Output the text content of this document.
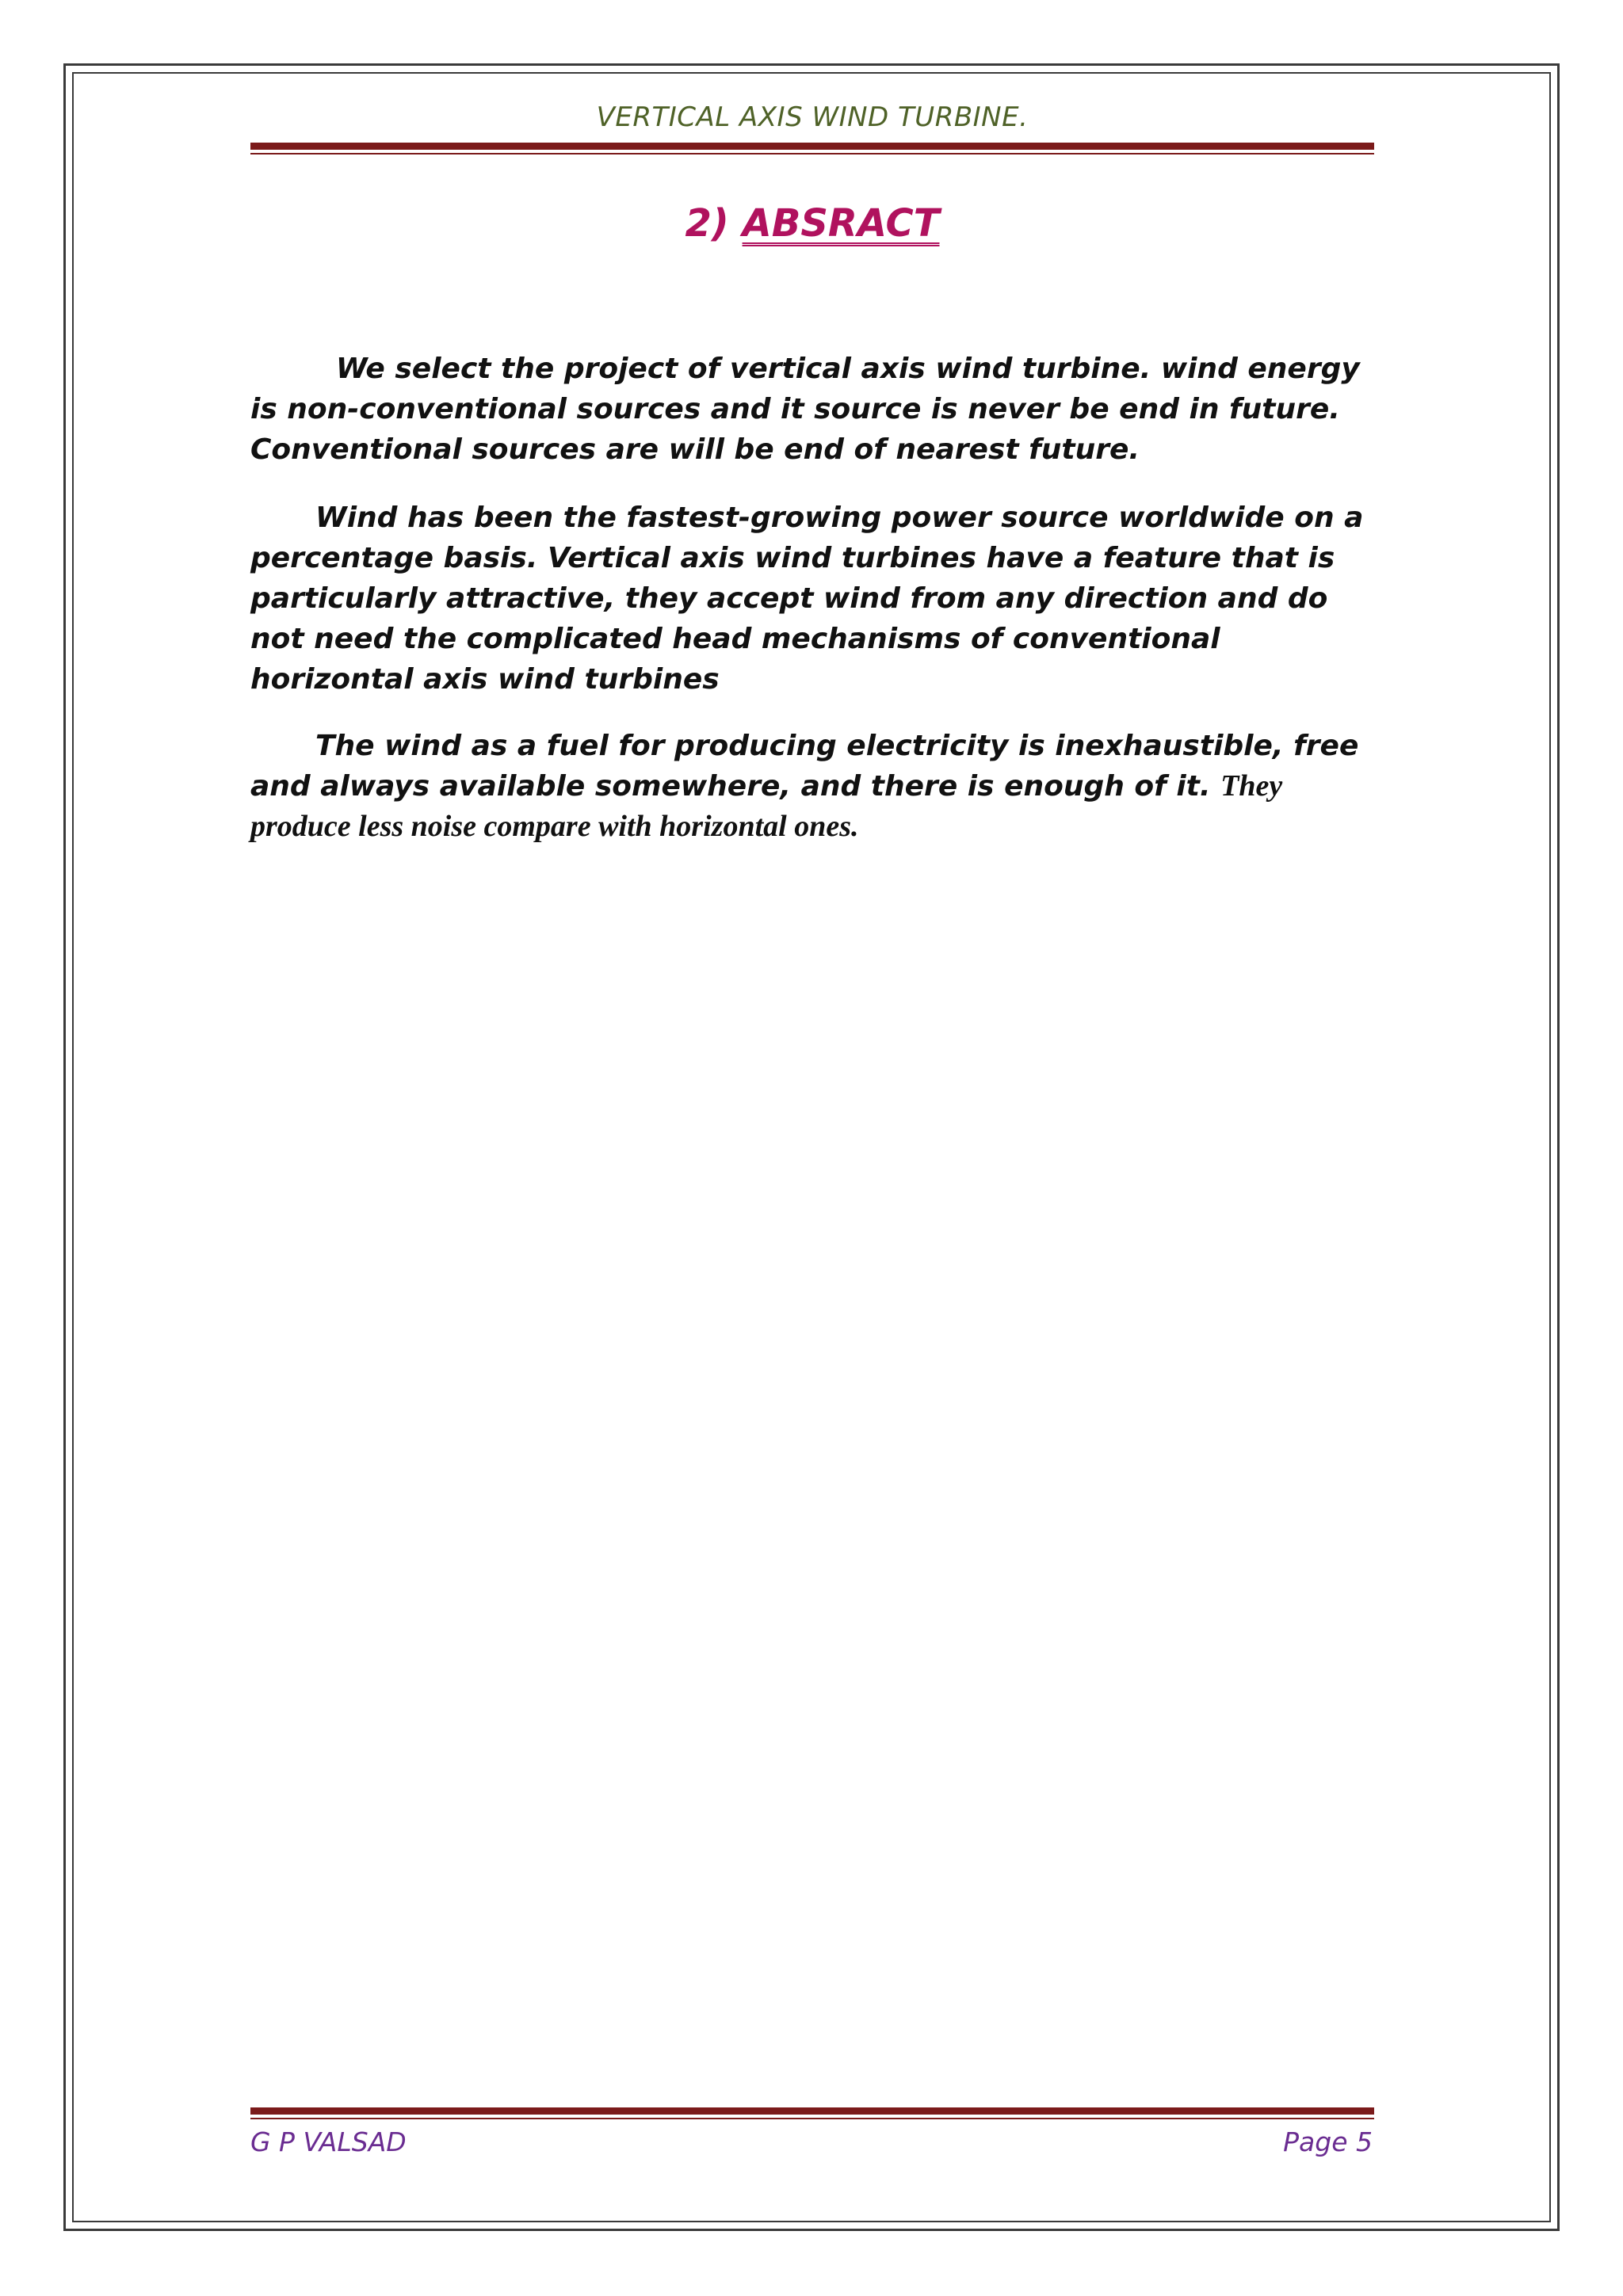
VERTICAL AXIS WIND TURBINE.
2) ABSRACT
We select the project of vertical axis wind turbine. wind energy is non-conventional sources and it source is never be end in future. Conventional sources are will be end of nearest future.
Wind has been the fastest-growing power source worldwide on a percentage basis. Vertical axis wind turbines have a feature that is particularly attractive, they accept wind from any direction and do not need the complicated head mechanisms of conventional horizontal axis wind turbines
The wind as a fuel for producing electricity is inexhaustible, free and always available somewhere, and there is enough of it. They produce less noise compare with horizontal ones.
G P VALSAD	Page 5
